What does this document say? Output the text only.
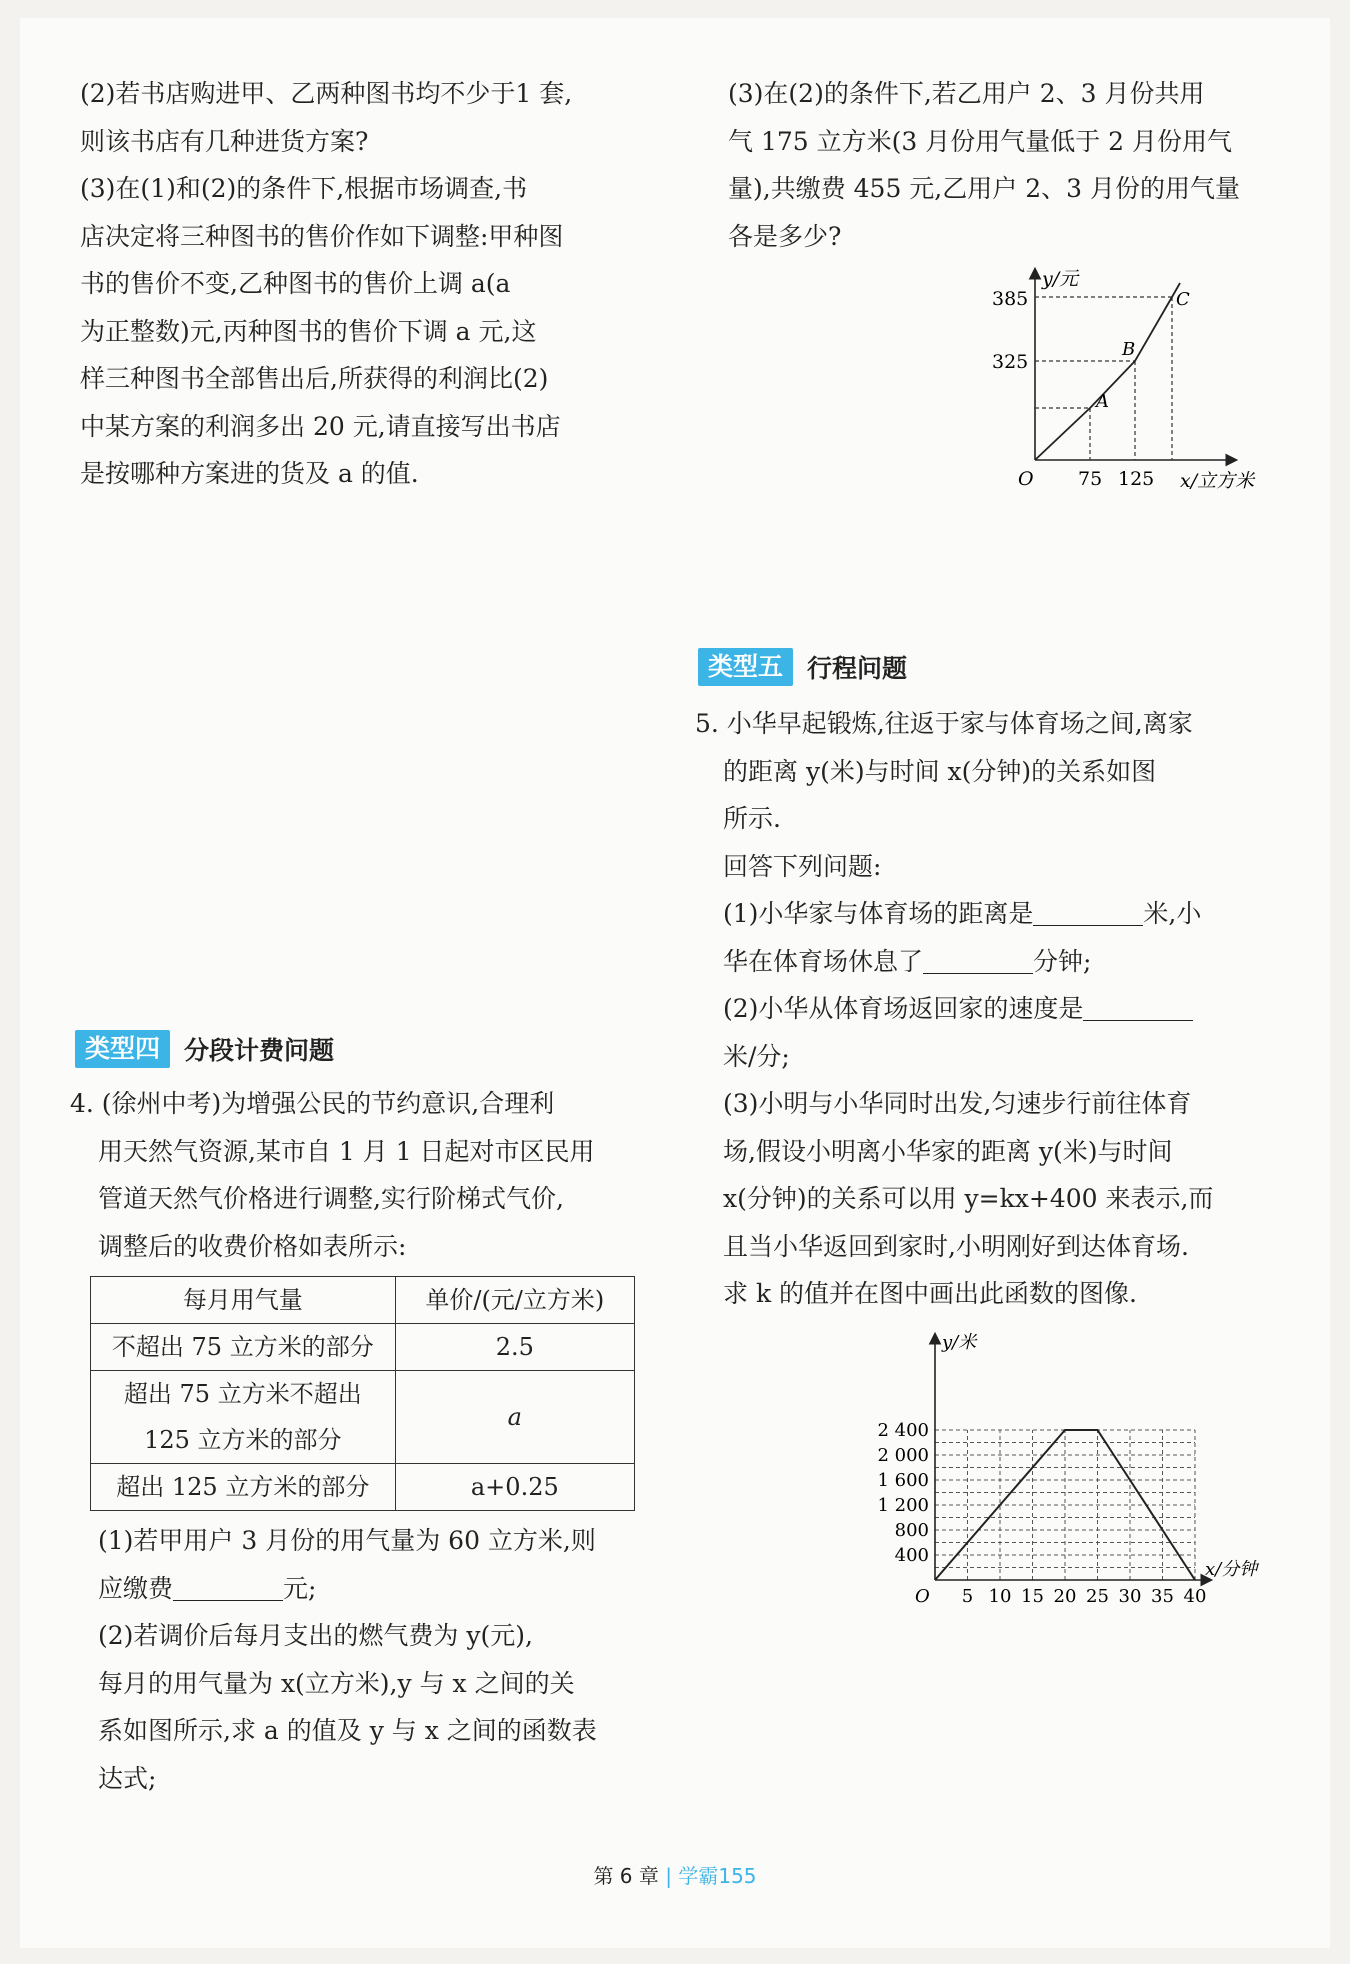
(2)若书店购进甲、乙两种图书均不少于1 套,

则该书店有几种进货方案?

(3)在(1)和(2)的条件下,根据市场调查,书

店决定将三种图书的售价作如下调整:甲种图

书的售价不变,乙种图书的售价上调 a(a

为正整数)元,丙种图书的售价下调 a 元,这

样三种图书全部售出后,所获得的利润比(2)

中某方案的利润多出 20 元,请直接写出书店

是按哪种方案进的货及 a 的值.

类型四 分段计费问题

4. (徐州中考)为增强公民的节约意识,合理利

用天然气资源,某市自 1 月 1 日起对市区民用

管道天然气价格进行调整,实行阶梯式气价,

调整后的收费价格如表所示:

每月用气量	单价/(元/立方米)
不超出 75 立方米的部分	2.5

超出 75 立方米不超出
125 立方米的部分	a
超出 125 立方米的部分	a+0.25

(1)若甲用户 3 月份的用气量为 60 立方米,则

应缴费	元;

(2)若调价后每月支出的燃气费为 y(元),

每月的用气量为 x(立方米),y 与 x 之间的关

系如图所示,求 a 的值及 y 与 x 之间的函数表

达式;

(3)在(2)的条件下,若乙用户 2、3 月份共用

气 175 立方米(3 月份用气量低于 2 月份用气

量),共缴费 455 元,乙用户 2、3 月份的用气量

各是多少?

y/元
385
325
O 75 125 x/立方米
A
B
C
类型五 行程问题

5. 小华早起锻炼,往返于家与体育场之间,离家

的距离 y(米)与时间 x(分钟)的关系如图

所示.

回答下列问题:

(1)小华家与体育场的距离是	米,小

华在体育场休息了	分钟;

(2)小华从体育场返回家的速度是

米/分;

(3)小明与小华同时出发,匀速步行前往体育

场,假设小明离小华家的距离 y(米)与时间

x(分钟)的关系可以用 y=kx+400 来表示,而

且当小华返回到家时,小明刚好到达体育场.

求 k 的值并在图中画出此函数的图像.

y/米
x/分钟
O
2 400
2 000
1 600
1 200
800
400
5 10 15 20 25 30 35 40
第 6 章 | 学霸155
